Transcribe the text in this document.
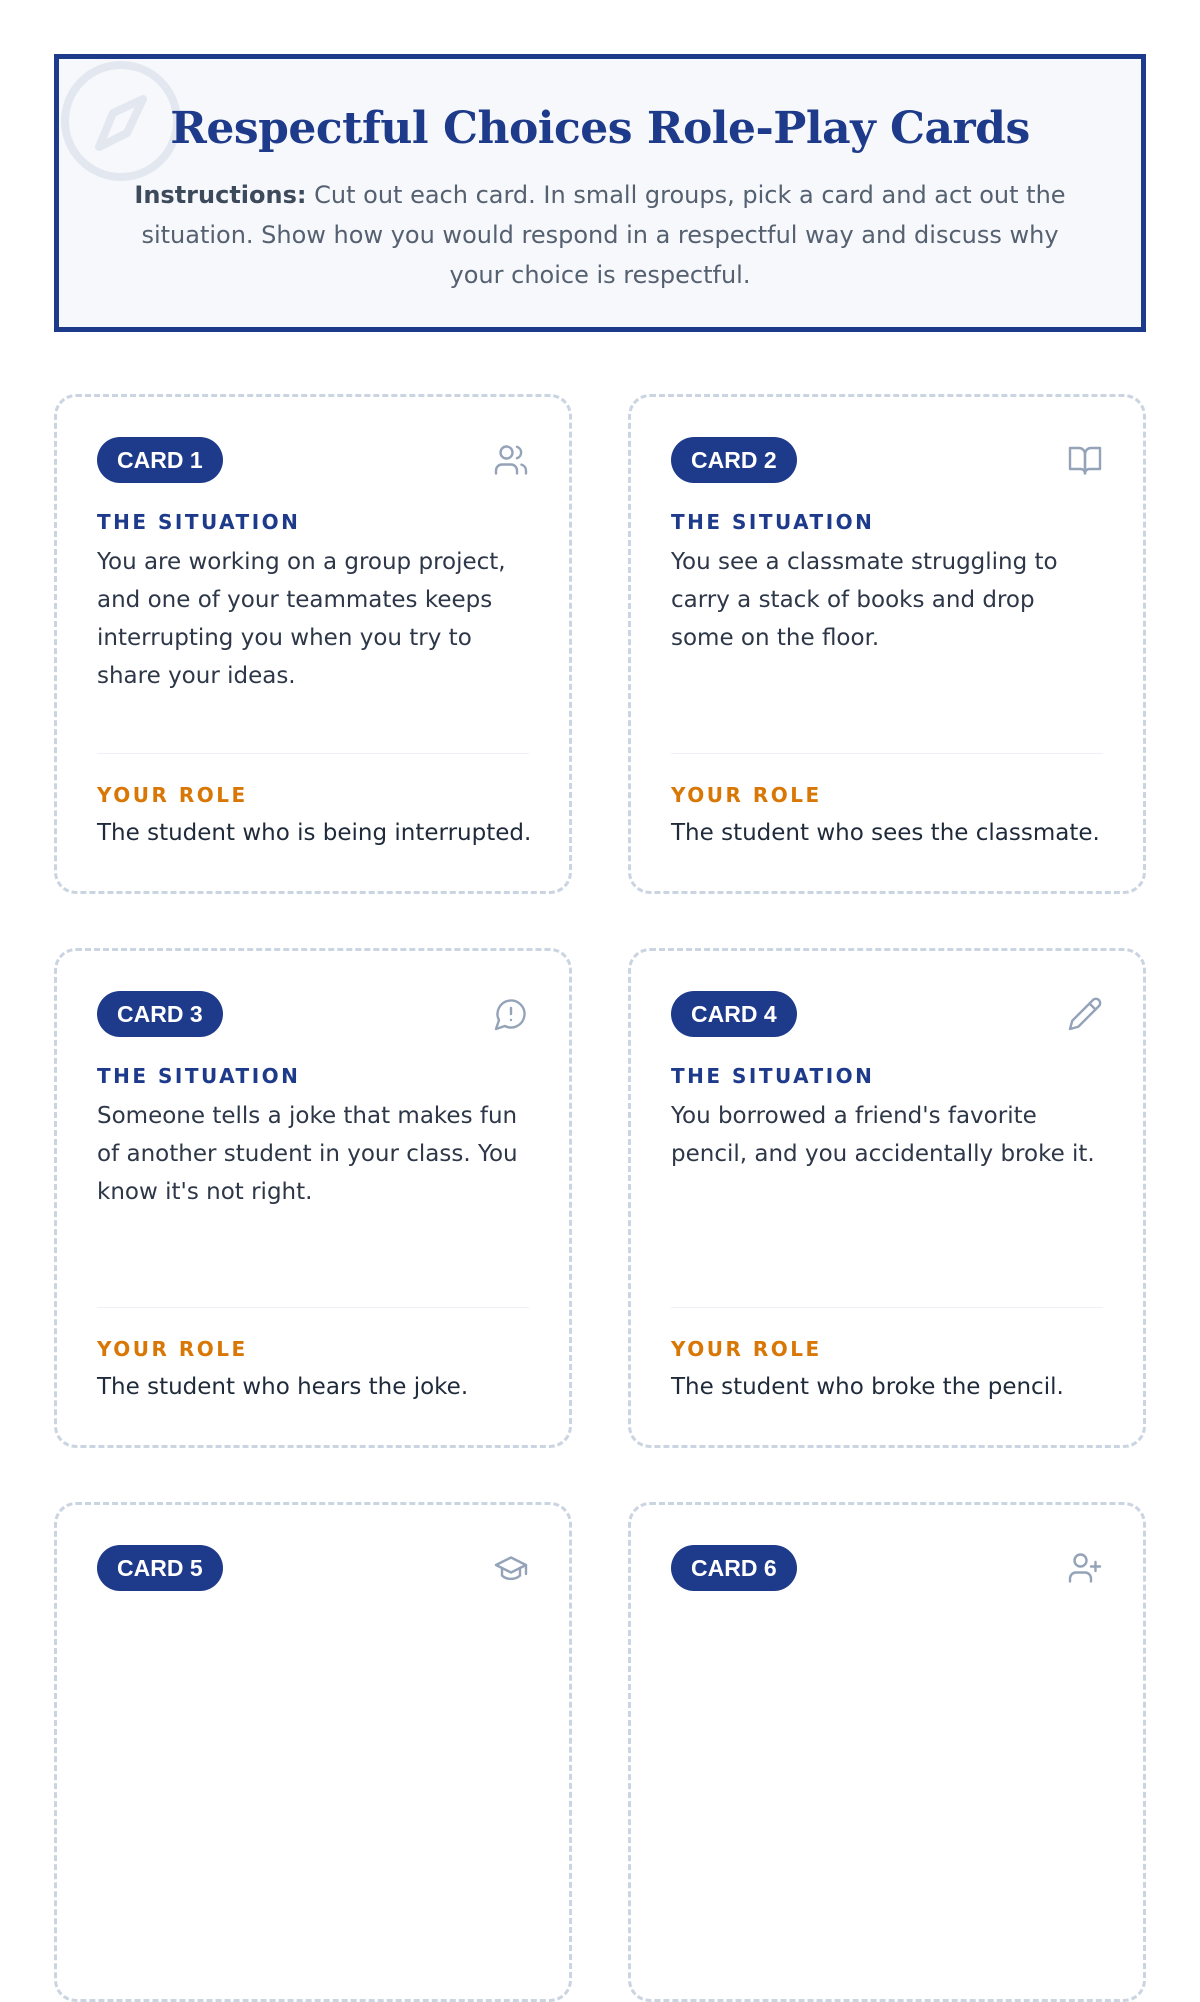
Respectful Choices Role-Play Cards
Instructions: Cut out each card. In small groups, pick a card and act out the situation. Show how you would respond in a respectful way and discuss why your choice is respectful.
CARD 1
THE SITUATION
You are working on a group project, and one of your teammates keeps interrupting you when you try to share your ideas.
YOUR ROLE
The student who is being interrupted.
CARD 2
THE SITUATION
You see a classmate struggling to carry a stack of books and drop some on the floor.
YOUR ROLE
The student who sees the classmate.
CARD 3
THE SITUATION
Someone tells a joke that makes fun of another student in your class. You know it's not right.
YOUR ROLE
The student who hears the joke.
CARD 4
THE SITUATION
You borrowed a friend's favorite pencil, and you accidentally broke it.
YOUR ROLE
The student who broke the pencil.
CARD 5	CARD 6
